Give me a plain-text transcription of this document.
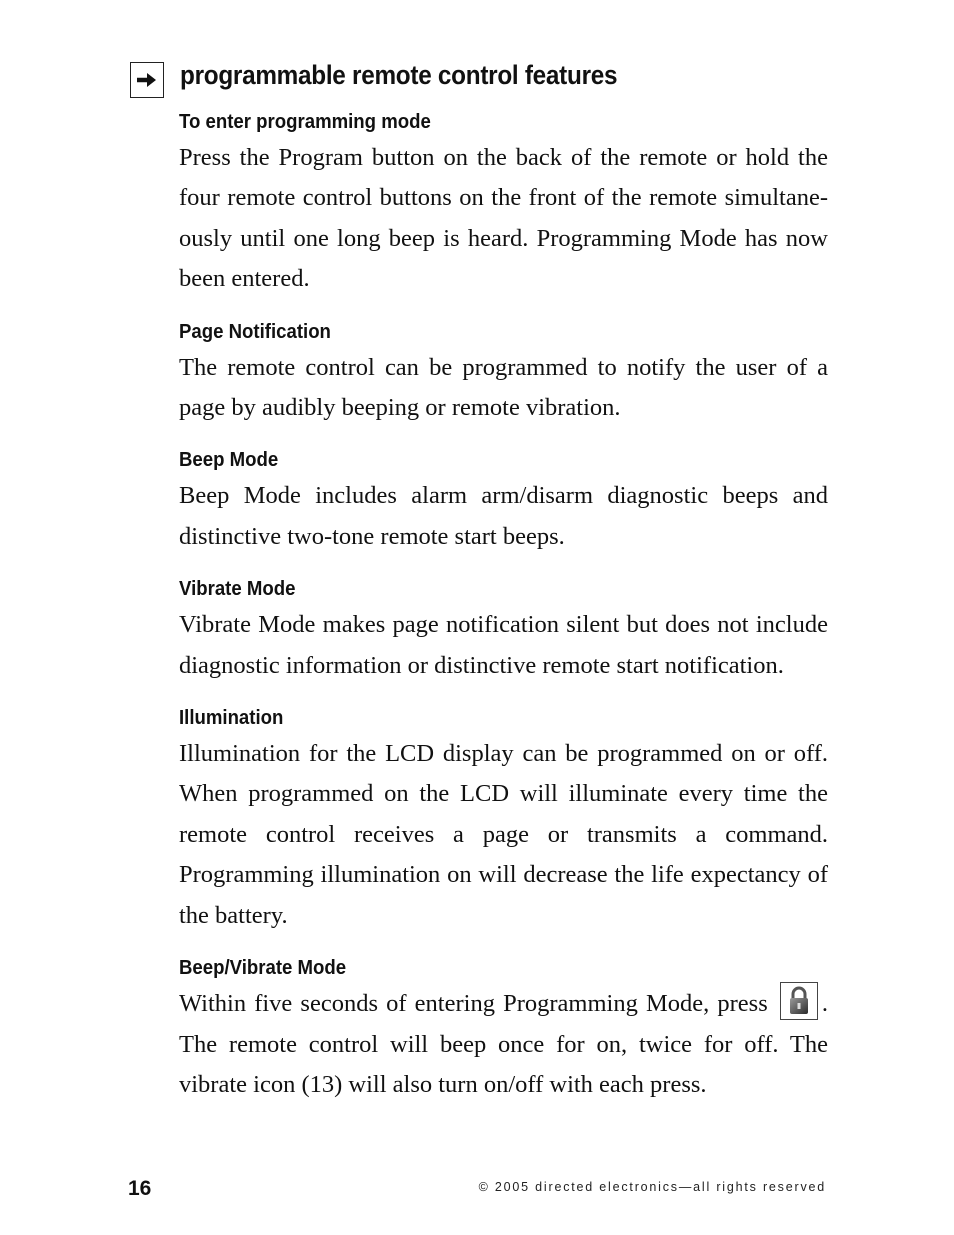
programmable remote control features
To enter programming mode
Press the Program button on the back of the remote or hold the four remote control buttons on the front of the remote simultaneously until one long beep is heard. Programming Mode has now been entered.
Page Notification
The remote control can be programmed to notify the user of a page by audibly beeping or remote vibration.
Beep Mode
Beep Mode includes alarm arm/disarm diagnostic beeps and distinctive two-tone remote start beeps.
Vibrate Mode
Vibrate Mode makes page notification silent but does not include diagnostic information or distinctive remote start notification.
Illumination
Illumination for the LCD display can be programmed on or off. When programmed on the LCD will illuminate every time the remote control receives a page or transmits a command. Programming illumination on will decrease the life expectancy of the battery.
Beep/Vibrate Mode
Within five seconds of entering Programming Mode, press
. The remote control will beep once for on, twice for off. The vibrate icon (13) will also turn on/off with each press.
16	© 2005 directed electronics—all rights reserved
